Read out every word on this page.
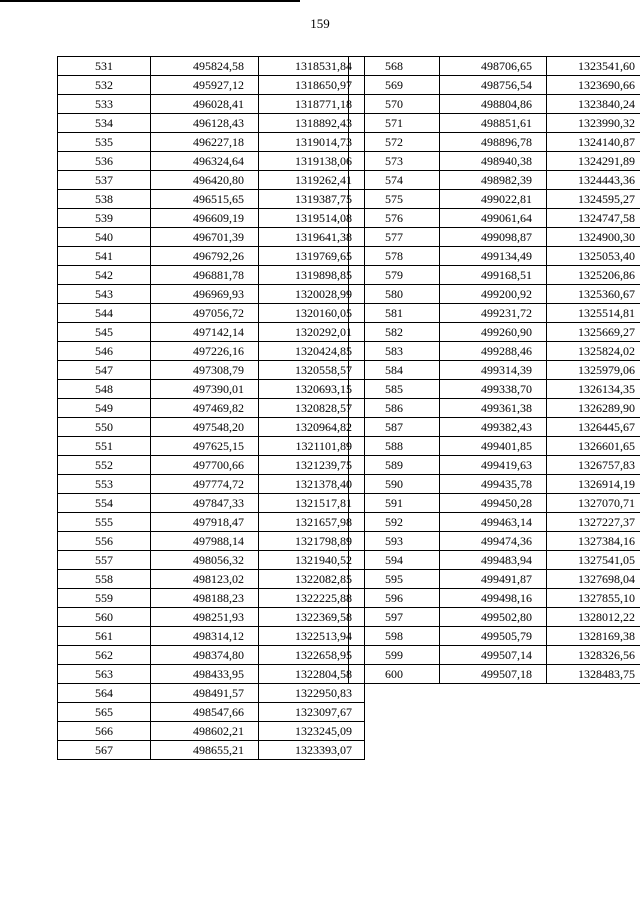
159
531	495824,58	1318531,84
532	495927,12	1318650,97
533	496028,41	1318771,18
534	496128,43	1318892,43
535	496227,18	1319014,73
536	496324,64	1319138,06
537	496420,80	1319262,41
538	496515,65	1319387,75
539	496609,19	1319514,08
540	496701,39	1319641,38
541	496792,26	1319769,65
542	496881,78	1319898,85
543	496969,93	1320028,99
544	497056,72	1320160,05
545	497142,14	1320292,01
546	497226,16	1320424,85
547	497308,79	1320558,57
548	497390,01	1320693,15
549	497469,82	1320828,57
550	497548,20	1320964,82
551	497625,15	1321101,89
552	497700,66	1321239,75
553	497774,72	1321378,40
554	497847,33	1321517,81
555	497918,47	1321657,98
556	497988,14	1321798,89
557	498056,32	1321940,52
558	498123,02	1322082,85
559	498188,23	1322225,88
560	498251,93	1322369,58
561	498314,12	1322513,94
562	498374,80	1322658,95
563	498433,95	1322804,58
564	498491,57	1322950,83
565	498547,66	1323097,67
566	498602,21	1323245,09
567	498655,21	1323393,07
568	498706,65	1323541,60
569	498756,54	1323690,66
570	498804,86	1323840,24
571	498851,61	1323990,32
572	498896,78	1324140,87
573	498940,38	1324291,89
574	498982,39	1324443,36
575	499022,81	1324595,27
576	499061,64	1324747,58
577	499098,87	1324900,30
578	499134,49	1325053,40
579	499168,51	1325206,86
580	499200,92	1325360,67
581	499231,72	1325514,81
582	499260,90	1325669,27
583	499288,46	1325824,02
584	499314,39	1325979,06
585	499338,70	1326134,35
586	499361,38	1326289,90
587	499382,43	1326445,67
588	499401,85	1326601,65
589	499419,63	1326757,83
590	499435,78	1326914,19
591	499450,28	1327070,71
592	499463,14	1327227,37
593	499474,36	1327384,16
594	499483,94	1327541,05
595	499491,87	1327698,04
596	499498,16	1327855,10
597	499502,80	1328012,22
598	499505,79	1328169,38
599	499507,14	1328326,56
600	499507,18	1328483,75
